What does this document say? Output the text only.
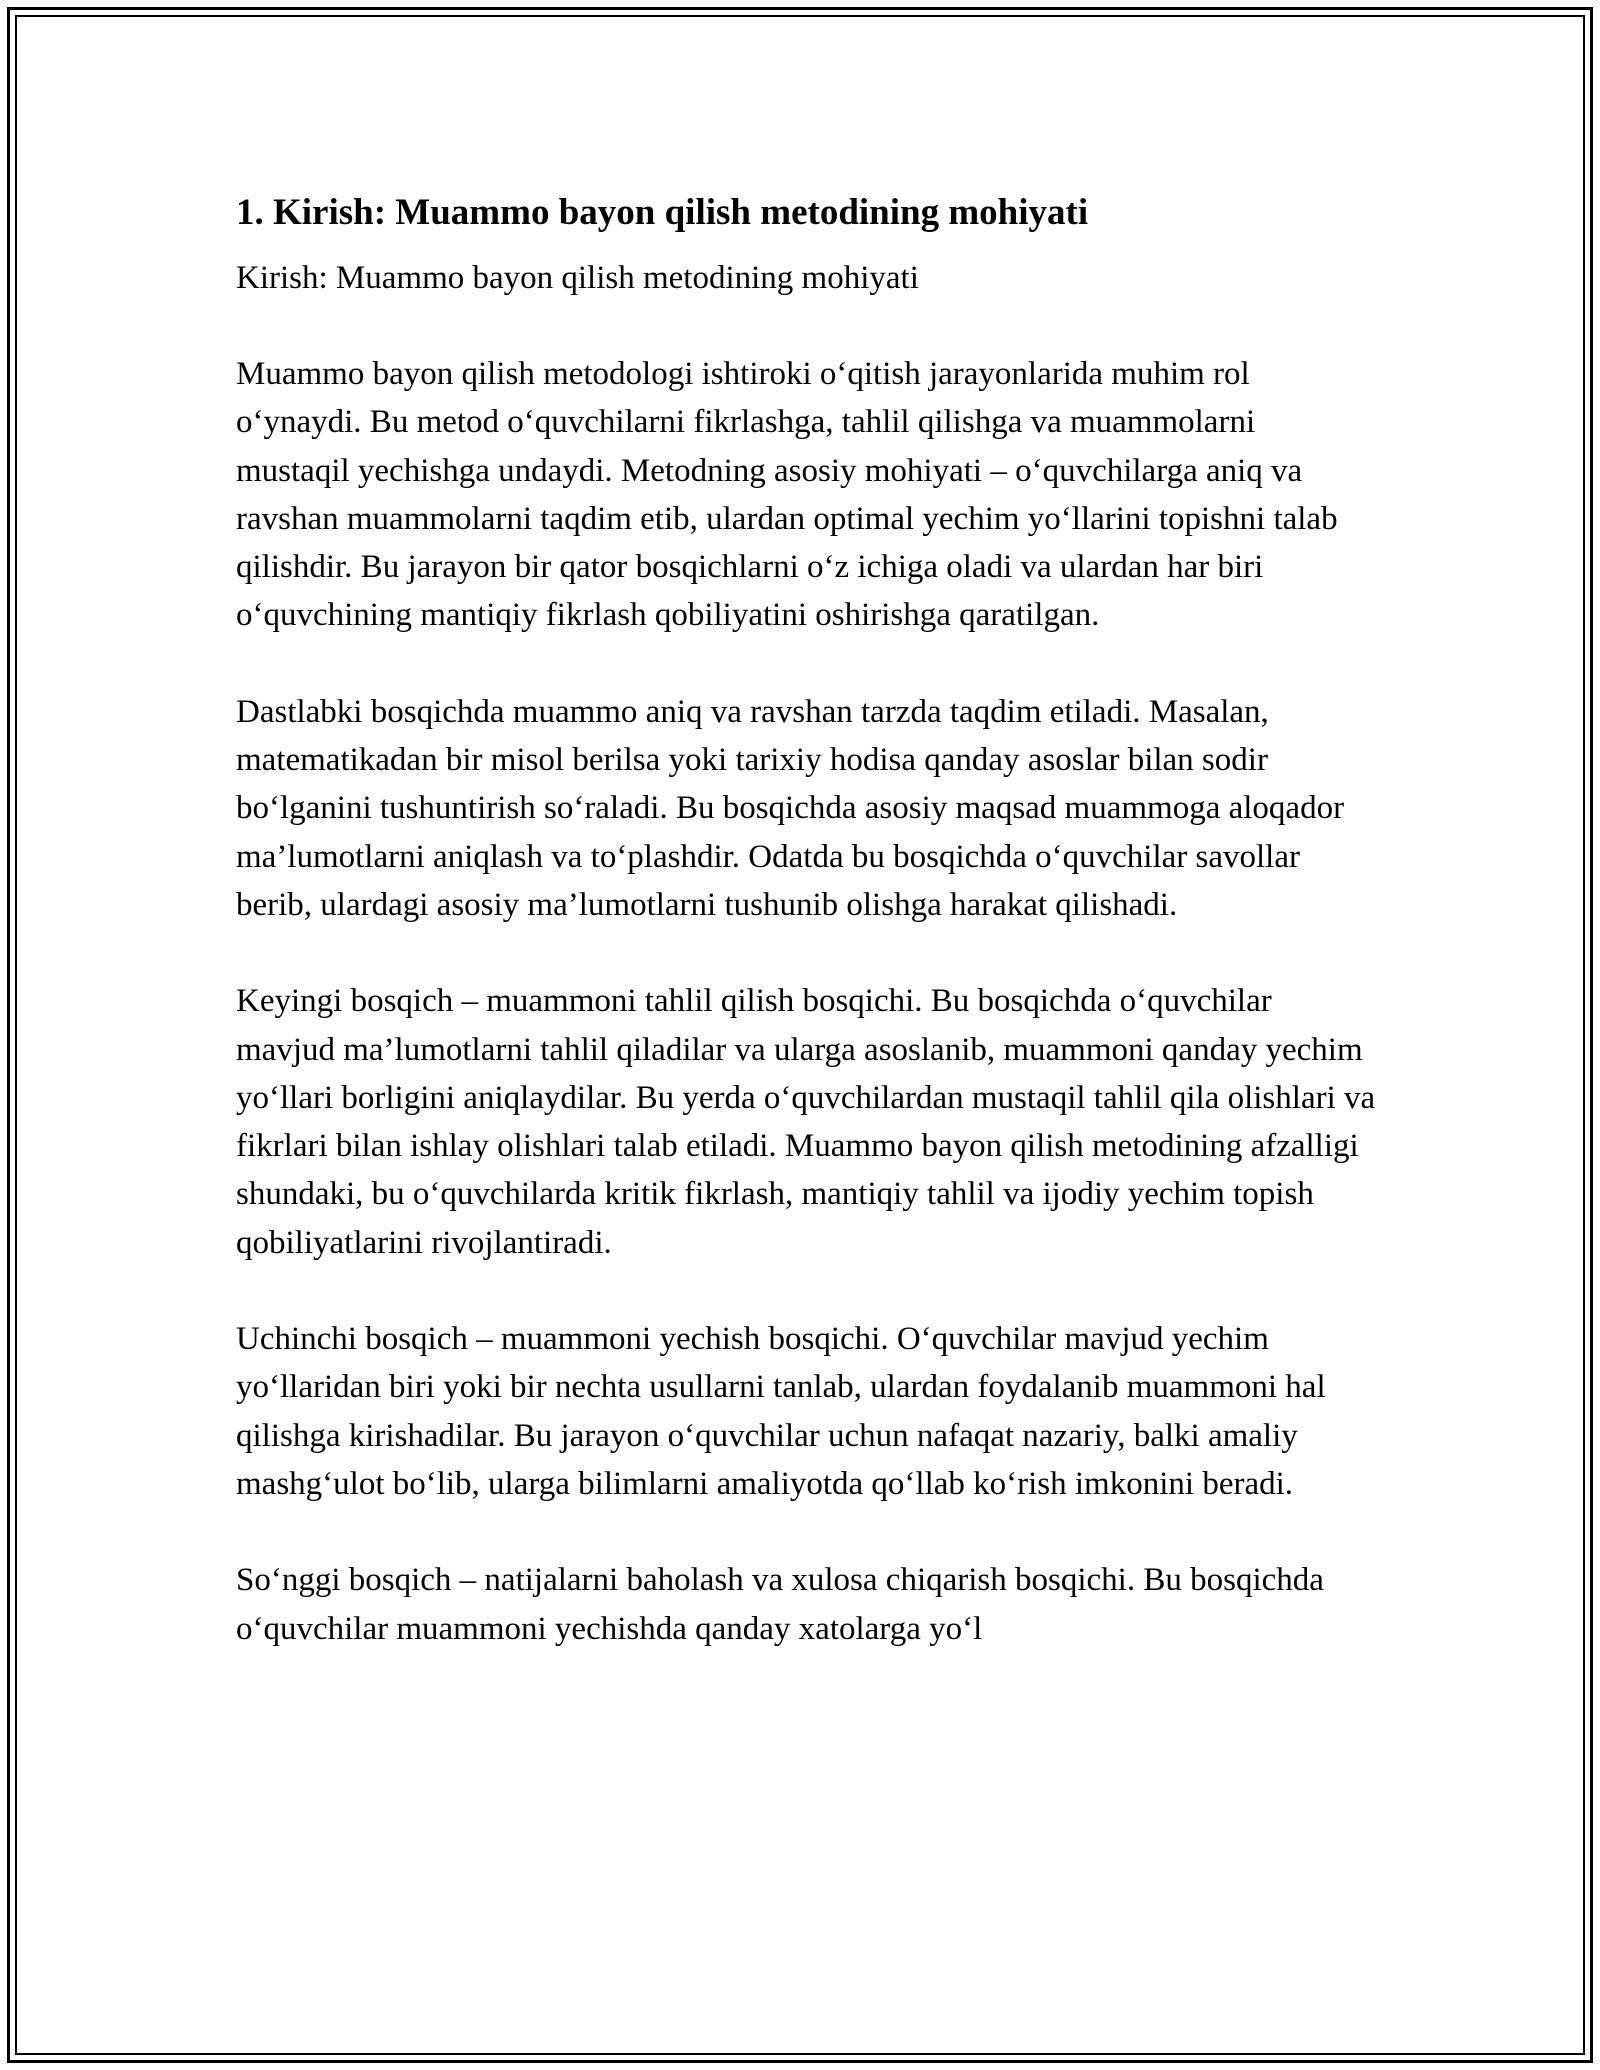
1. Kirish: Muammo bayon qilish metodining mohiyati

Kirish: Muammo bayon qilish metodining mohiyati

Muammo bayon qilish metodologi ishtiroki o‘qitish jarayonlarida muhim rol o‘ynaydi. Bu metod o‘quvchilarni fikrlashga, tahlil qilishga va muammolarni mustaqil yechishga undaydi. Metodning asosiy mohiyati – o‘quvchilarga aniq va ravshan muammolarni taqdim etib, ulardan optimal yechim yo‘llarini topishni talab qilishdir. Bu jarayon bir qator bosqichlarni o‘z ichiga oladi va ulardan har biri o‘quvchining mantiqiy fikrlash qobiliyatini oshirishga qaratilgan.

Dastlabki bosqichda muammo aniq va ravshan tarzda taqdim etiladi. Masalan, matematikadan bir misol berilsa yoki tarixiy hodisa qanday asoslar bilan sodir bo‘lganini tushuntirish so‘raladi. Bu bosqichda asosiy maqsad muammoga aloqador ma’lumotlarni aniqlash va to‘plashdir. Odatda bu bosqichda o‘quvchilar savollar berib, ulardagi asosiy ma’lumotlarni tushunib olishga harakat qilishadi.

Keyingi bosqich – muammoni tahlil qilish bosqichi. Bu bosqichda o‘quvchilar mavjud ma’lumotlarni tahlil qiladilar va ularga asoslanib, muammoni qanday yechim yo‘llari borligini aniqlaydilar. Bu yerda o‘quvchilardan mustaqil tahlil qila olishlari va fikrlari bilan ishlay olishlari talab etiladi. Muammo bayon qilish metodining afzalligi shundaki, bu o‘quvchilarda kritik fikrlash, mantiqiy tahlil va ijodiy yechim topish qobiliyatlarini rivojlantiradi.

Uchinchi bosqich – muammoni yechish bosqichi. O‘quvchilar mavjud yechim yo‘llaridan biri yoki bir nechta usullarni tanlab, ulardan foydalanib muammoni hal qilishga kirishadilar. Bu jarayon o‘quvchilar uchun nafaqat nazariy, balki amaliy mashg‘ulot bo‘lib, ularga bilimlarni amaliyotda qo‘llab ko‘rish imkonini beradi.

So‘nggi bosqich – natijalarni baholash va xulosa chiqarish bosqichi. Bu bosqichda o‘quvchilar muammoni yechishda qanday xatolarga yo‘l
